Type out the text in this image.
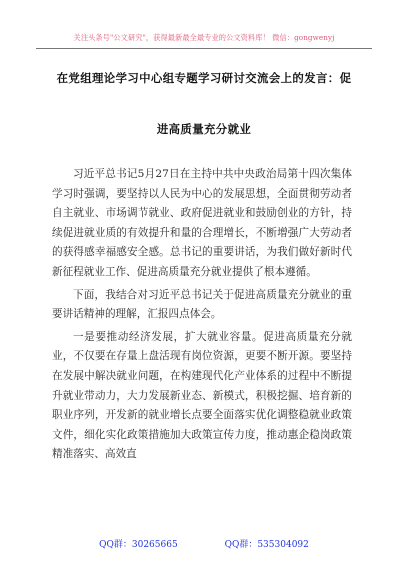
关注头条号"公文研究"，获得最新最全最专业的公文资料库！ 微信：gongwenyj
在党组理论学习中心组专题学习研讨交流会上的发言：促
进高质量充分就业

习近平总书记5月27日在主持中共中央政治局第十四次集体学习时强调，要坚持以人民为中心的发展思想，全面贯彻劳动者自主就业、市场调节就业、政府促进就业和鼓励创业的方针，持续促进就业质的有效提升和量的合理增长，不断增强广大劳动者的获得感幸福感安全感。总书记的重要讲话，为我们做好新时代新征程就业工作、促进高质量充分就业提供了根本遵循。

下面，我结合对习近平总书记关于促进高质量充分就业的重要讲话精神的理解，汇报四点体会。

一是要推动经济发展，扩大就业容量。促进高质量充分就业，不仅要在存量上盘活现有岗位资源，更要不断开源。要坚持在发展中解决就业问题，在构建现代化产业体系的过程中不断提升就业带动力，大力发展新业态、新模式，积极挖掘、培育新的职业序列，开发新的就业增长点要全面落实优化调整稳就业政策文件，细化实化政策措施加大政策宣传力度，推动惠企稳岗政策精准落实、高效直

QQ群：30265665	QQ群：535304092
